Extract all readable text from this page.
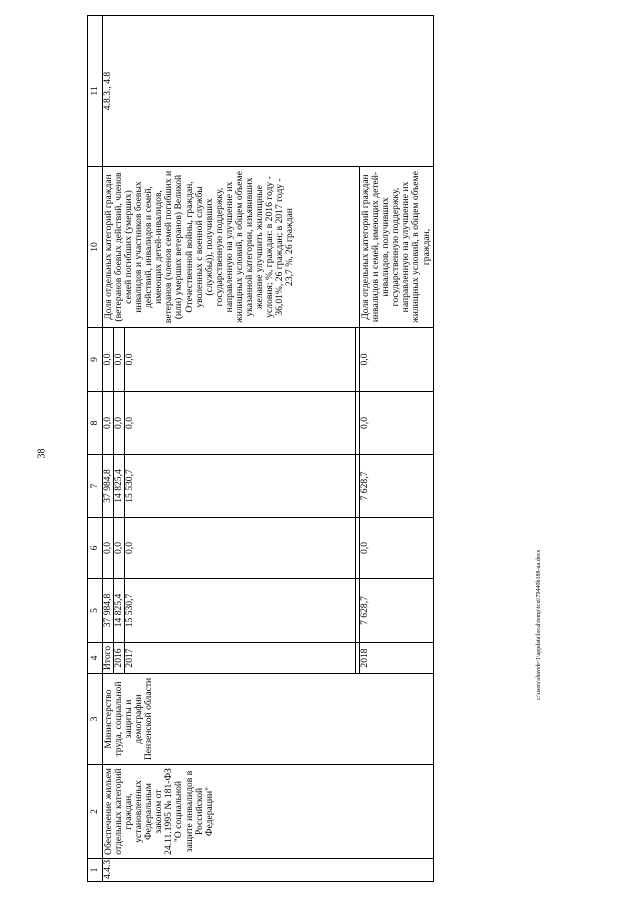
38
c:\users\shaveb~1\appdata\local\temp\tcxt\79440b188-ua.docx
1	2	3	4	5	6	7	8	9	10	11
4.4.3.	Обеспечение жильем отдельных категорий граждан, установленных Федеральным законом от 24.11.1995 № 181-ФЗ "О социальной защите инвалидов в Российской Федерации"	Министерство труда, социальной защиты и демографии Пензенской области	Итого	37 984,8	0,0	37 984,8	0,0	0,0	Доля отдельных категорий граждан (ветеранов боевых действий, членов семей погибших (умерших) инвалидов и участников боевых действий, инвалидов и семей, имеющих детей-инвалидов, ветеранов (членов семей погибших и (или) умерших ветеранов) Великой Отечественной войны, граждан, уволенных с военной службы (службы)), получивших государственную поддержку, направленную на улучшение их жилищных условий, в общем объеме указанной категории, изъявивших желание улучшить жилищные условия; %, граждан: в 2016 году - 36,01%, 26 граждан; в 2017 году - 23,7 %, 26 граждан	4.8.3., 4.8
			2016	14 825,4	0,0	14 825,4	0,0	0,0		
			2017	15 530,7	0,0	15 530,7	0,0	0,0		

			2018	7 628,7	0,0	7 628,7	0,0	0,0	Доля отдельных категорий граждан инвалидов и семей, имеющих детей-инвалидов, получивших государственную поддержку, направленную на улучшение их жилищных условий, в общем объеме граждан,	
